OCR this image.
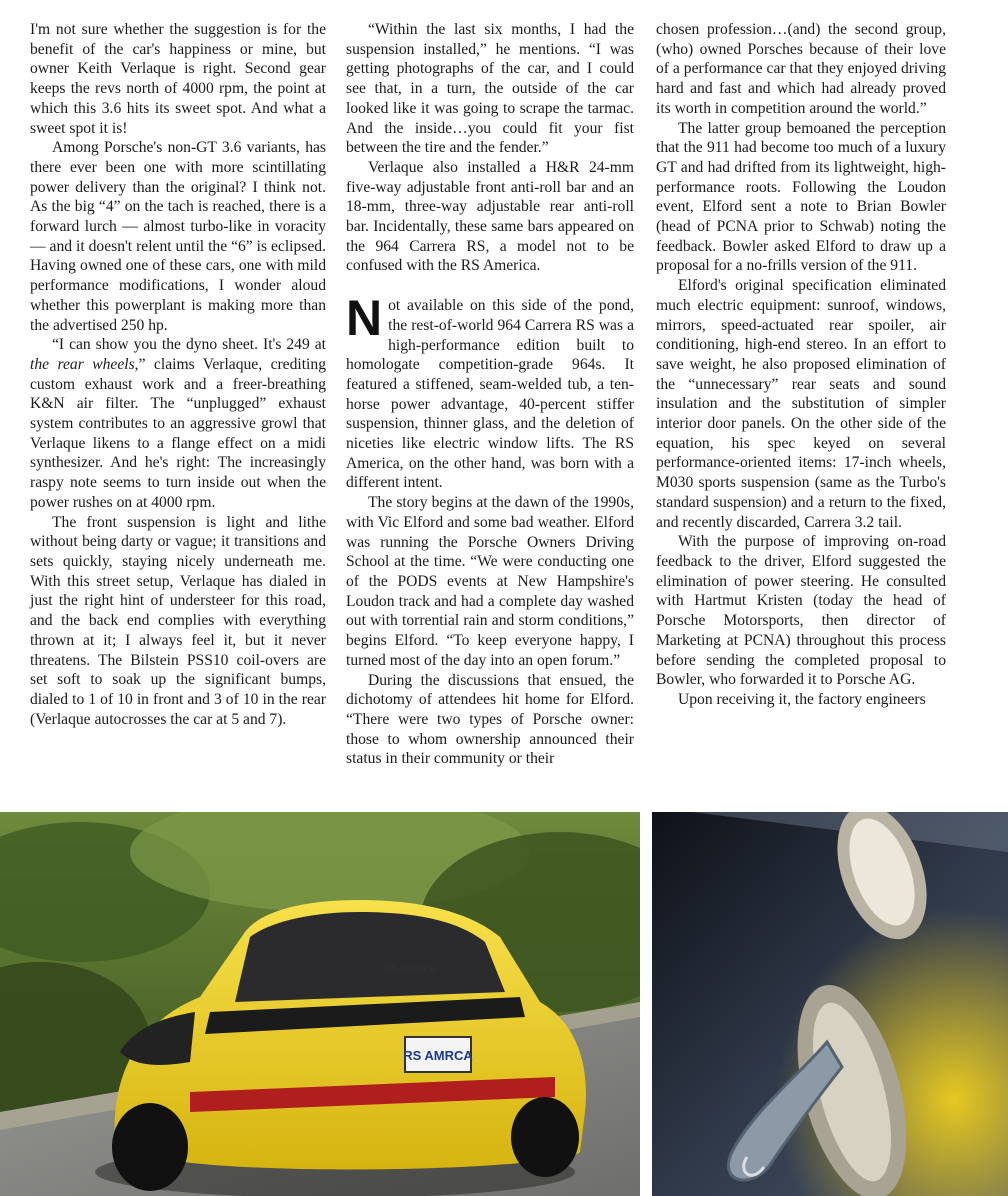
I'm not sure whether the suggestion is for the benefit of the car's happiness or mine, but owner Keith Verlaque is right. Second gear keeps the revs north of 4000 rpm, the point at which this 3.6 hits its sweet spot. And what a sweet spot it is!

Among Porsche's non-GT 3.6 variants, has there ever been one with more scintillating power delivery than the original? I think not. As the big “4” on the tach is reached, there is a forward lurch — almost turbo-like in voracity — and it doesn't relent until the “6” is eclipsed. Having owned one of these cars, one with mild performance modifications, I wonder aloud whether this powerplant is making more than the advertised 250 hp.

“I can show you the dyno sheet. It's 249 at the rear wheels,” claims Verlaque, crediting custom exhaust work and a freer-breathing K&N air filter. The “unplugged” exhaust system contributes to an aggressive growl that Verlaque likens to a flange effect on a midi synthesizer. And he's right: The increasingly raspy note seems to turn inside out when the power rushes on at 4000 rpm.

The front suspension is light and lithe without being darty or vague; it transitions and sets quickly, staying nicely underneath me. With this street setup, Verlaque has dialed in just the right hint of understeer for this road, and the back end complies with everything thrown at it; I always feel it, but it never threatens. The Bilstein PSS10 coil-overs are set soft to soak up the significant bumps, dialed to 1 of 10 in front and 3 of 10 in the rear (Verlaque autocrosses the car at 5 and 7).

“Within the last six months, I had the suspension installed,” he mentions. “I was getting photographs of the car, and I could see that, in a turn, the outside of the car looked like it was going to scrape the tarmac. And the inside…you could fit your fist between the tire and the fender.”

Verlaque also installed a H&R 24-mm five-way adjustable front anti-roll bar and an 18-mm, three-way adjustable rear anti-roll bar. Incidentally, these same bars appeared on the 964 Carrera RS, a model not to be confused with the RS America.

Not available on this side of the pond, the rest-of-world 964 Carrera RS was a high-performance edition built to homologate competition-grade 964s. It featured a stiffened, seam-welded tub, a ten-horse power advantage, 40-percent stiffer suspension, thinner glass, and the deletion of niceties like electric window lifts. The RS America, on the other hand, was born with a different intent.

The story begins at the dawn of the 1990s, with Vic Elford and some bad weather. Elford was running the Porsche Owners Driving School at the time. “We were conducting one of the PODS events at New Hampshire's Loudon track and had a complete day washed out with torrential rain and storm conditions,” begins Elford. “To keep everyone happy, I turned most of the day into an open forum.”

During the discussions that ensued, the dichotomy of attendees hit home for Elford. “There were two types of Porsche owner: those to whom ownership announced their status in their community or their

chosen profession…(and) the second group, (who) owned Porsches because of their love of a performance car that they enjoyed driving hard and fast and which had already proved its worth in competition around the world.”

The latter group bemoaned the perception that the 911 had become too much of a luxury GT and had drifted from its lightweight, high-performance roots. Following the Loudon event, Elford sent a note to Brian Bowler (head of PCNA prior to Schwab) noting the feedback. Bowler asked Elford to draw up a proposal for a no-frills version of the 911.

Elford's original specification eliminated much electric equipment: sunroof, windows, mirrors, speed-actuated rear spoiler, air conditioning, high-end stereo. In an effort to save weight, he also proposed elimination of the “unnecessary” rear seats and sound insulation and the substitution of simpler interior door panels. On the other side of the equation, his spec keyed on several performance-oriented items: 17-inch wheels, M030 sports suspension (same as the Turbo's standard suspension) and a return to the fixed, and recently discarded, Carrera 3.2 tail.

With the purpose of improving on-road feedback to the driver, Elford suggested the elimination of power steering. He consulted with Hartmut Kristen (today the head of Porsche Motorsports, then director of Marketing at PCNA) throughout this process before sending the completed proposal to Bowler, who forwarded it to Porsche AG.

Upon receiving it, the factory engineers

RS AMRCA
RS America
